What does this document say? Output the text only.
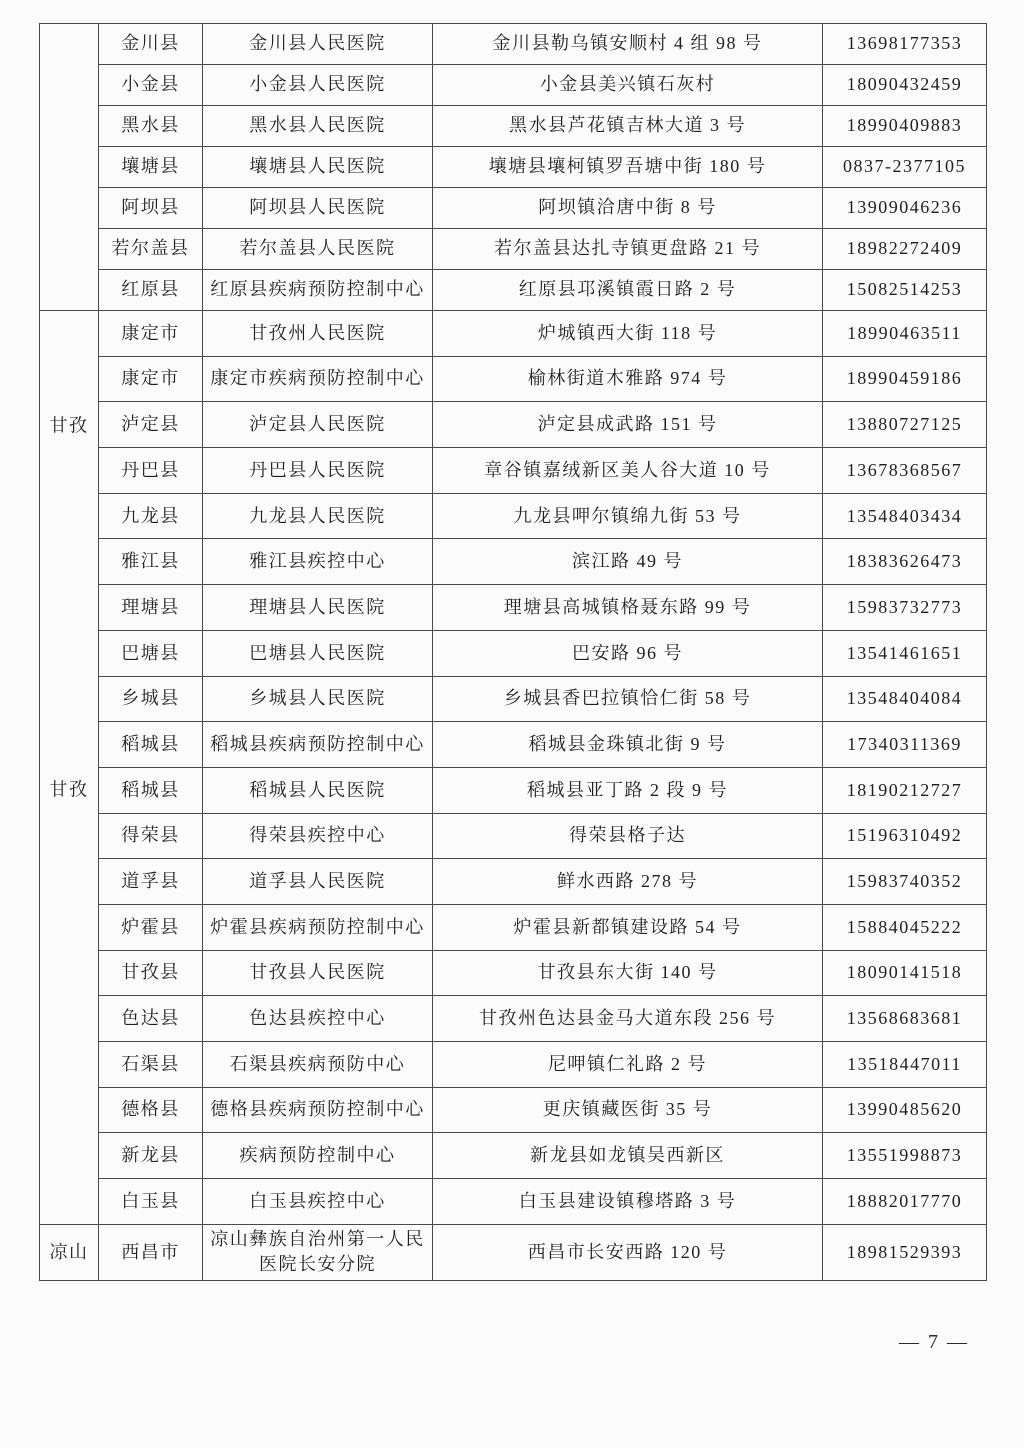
	金川县	金川县人民医院	金川县勒乌镇安顺村 4 组 98 号	13698177353
	小金县	小金县人民医院	小金县美兴镇石灰村	18090432459
	黑水县	黑水县人民医院	黑水县芦花镇吉林大道 3 号	18990409883
	壤塘县	壤塘县人民医院	壤塘县壤柯镇罗吾塘中街 180 号	0837-2377105
	阿坝县	阿坝县人民医院	阿坝镇洽唐中街 8 号	13909046236
	若尔盖县	若尔盖县人民医院	若尔盖县达扎寺镇更盘路 21 号	18982272409
	红原县	红原县疾病预防控制中心	红原县邛溪镇霞日路 2 号	15082514253

甘孜
甘孜	康定市	甘孜州人民医院	炉城镇西大街 118 号	18990463511
	康定市	康定市疾病预防控制中心	榆林街道木雅路 974 号	18990459186
	泸定县	泸定县人民医院	泸定县成武路 151 号	13880727125
	丹巴县	丹巴县人民医院	章谷镇嘉绒新区美人谷大道 10 号	13678368567
	九龙县	九龙县人民医院	九龙县呷尔镇绵九街 53 号	13548403434
	雅江县	雅江县疾控中心	滨江路 49 号	18383626473
	理塘县	理塘县人民医院	理塘县高城镇格聂东路 99 号	15983732773
	巴塘县	巴塘县人民医院	巴安路 96 号	13541461651
	乡城县	乡城县人民医院	乡城县香巴拉镇恰仁街 58 号	13548404084
	稻城县	稻城县疾病预防控制中心	稻城县金珠镇北街 9 号	17340311369
	稻城县	稻城县人民医院	稻城县亚丁路 2 段 9 号	18190212727
	得荣县	得荣县疾控中心	得荣县格子达	15196310492
	道孚县	道孚县人民医院	鲜水西路 278 号	15983740352
	炉霍县	炉霍县疾病预防控制中心	炉霍县新都镇建设路 54 号	15884045222
	甘孜县	甘孜县人民医院	甘孜县东大街 140 号	18090141518
	色达县	色达县疾控中心	甘孜州色达县金马大道东段 256 号	13568683681
	石渠县	石渠县疾病预防中心	尼呷镇仁礼路 2 号	13518447011
	德格县	德格县疾病预防控制中心	更庆镇藏医街 35 号	13990485620
	新龙县	疾病预防控制中心	新龙县如龙镇吴西新区	13551998873
	白玉县	白玉县疾控中心	白玉县建设镇穆塔路 3 号	18882017770
凉山	西昌市	凉山彝族自治州第一人民医院长安分院	西昌市长安西路 120 号	18981529393
— 7 —
